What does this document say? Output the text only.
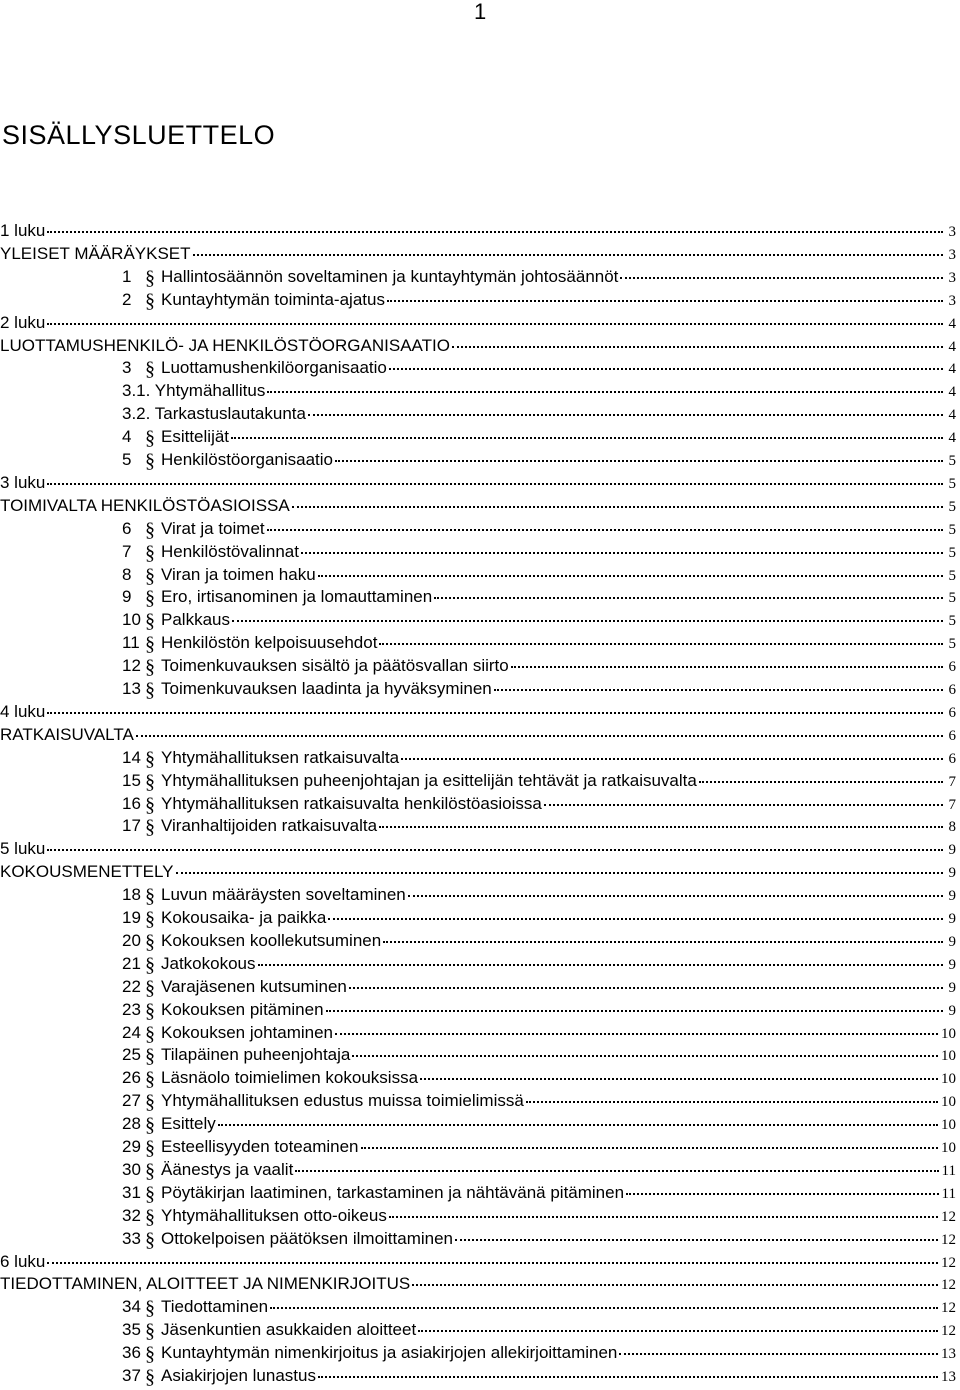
1
SISÄLLYSLUETTELO
1 luku	3
YLEISET MÄÄRÄYKSET	3
1 § Hallintosäännön soveltaminen ja kuntayhtymän johtosäännöt	3
2 § Kuntayhtymän toiminta-ajatus	3
2 luku	4
LUOTTAMUSHENKILÖ- JA HENKILÖSTÖORGANISAATIO	4
3 § Luottamushenkilöorganisaatio	4
3.1. Yhtymähallitus	4
3.2. Tarkastuslautakunta	4
4 § Esittelijät	4
5 § Henkilöstöorganisaatio	5
3 luku	5
TOIMIVALTA HENKILÖSTÖASIOISSA	5
6 § Virat ja toimet	5
7 § Henkilöstövalinnat	5
8 § Viran ja toimen haku	5
9 § Ero, irtisanominen ja lomauttaminen	5
10 § Palkkaus	5
11 § Henkilöstön kelpoisuusehdot	5
12 § Toimenkuvauksen sisältö ja päätösvallan siirto	6
13 § Toimenkuvauksen laadinta ja hyväksyminen	6
4 luku	6
RATKAISUVALTA	6
14 § Yhtymähallituksen ratkaisuvalta	6
15 § Yhtymähallituksen puheenjohtajan ja esittelijän tehtävät ja ratkaisuvalta	7
16 § Yhtymähallituksen ratkaisuvalta henkilöstöasioissa	7
17 § Viranhaltijoiden ratkaisuvalta	8
5 luku	9
KOKOUSMENETTELY	9
18 § Luvun määräysten soveltaminen	9
19 § Kokousaika- ja paikka	9
20 § Kokouksen koollekutsuminen	9
21 § Jatkokokous	9
22 § Varajäsenen kutsuminen	9
23 § Kokouksen pitäminen	9
24 § Kokouksen johtaminen	10
25 § Tilapäinen puheenjohtaja	10
26 § Läsnäolo toimielimen kokouksissa	10
27 § Yhtymähallituksen edustus muissa toimielimissä	10
28 § Esittely	10
29 § Esteellisyyden toteaminen	10
30 § Äänestys ja vaalit	11
31 § Pöytäkirjan laatiminen, tarkastaminen ja nähtävänä pitäminen	11
32 § Yhtymähallituksen otto-oikeus	12
33 § Ottokelpoisen päätöksen ilmoittaminen	12
6 luku	12
TIEDOTTAMINEN, ALOITTEET JA NIMENKIRJOITUS	12
34 § Tiedottaminen	12
35 § Jäsenkuntien asukkaiden aloitteet	12
36 § Kuntayhtymän nimenkirjoitus ja asiakirjojen allekirjoittaminen	13
37 § Asiakirjojen lunastus	13
